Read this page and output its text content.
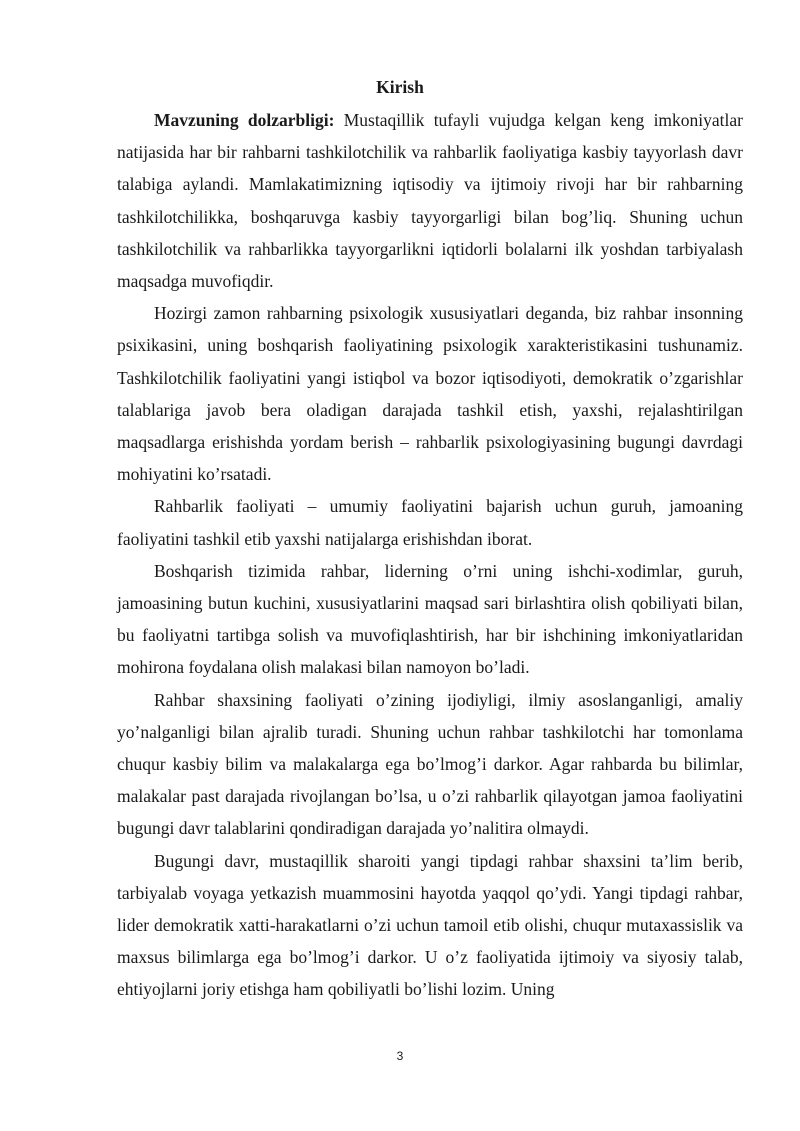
Kirish

Mavzuning dolzarbligi: Mustaqillik tufayli vujudga kelgan keng imkoniyatlar natijasida har bir rahbarni tashkilotchilik va rahbarlik faoliyatiga kasbiy tayyorlash davr talabiga aylandi. Mamlakatimizning iqtisodiy va ijtimoiy rivoji har bir rahbarning tashkilotchilikka, boshqaruvga kasbiy tayyorgarligi bilan bog’liq. Shuning uchun tashkilotchilik va rahbarlikka tayyorgarlikni iqtidorli bolalarni ilk yoshdan tarbiyalash maqsadga muvofiqdir.

Hozirgi zamon rahbarning psixologik xususiyatlari deganda, biz rahbar insonning psixikasini, uning boshqarish faoliyatining psixologik xarakteristikasini tushunamiz. Tashkilotchilik faoliyatini yangi istiqbol va bozor iqtisodiyoti, demokratik o’zgarishlar talablariga javob bera oladigan darajada tashkil etish, yaxshi, rejalashtirilgan maqsadlarga erishishda yordam berish – rahbarlik psixologiyasining bugungi davrdagi mohiyatini ko’rsatadi.

Rahbarlik faoliyati – umumiy faoliyatini bajarish uchun guruh, jamoaning faoliyatini tashkil etib yaxshi natijalarga erishishdan iborat.

Boshqarish tizimida rahbar, liderning o’rni uning ishchi-xodimlar, guruh, jamoasining butun kuchini, xususiyatlarini maqsad sari birlashtira olish qobiliyati bilan, bu faoliyatni tartibga solish va muvofiqlashtirish, har bir ishchining imkoniyatlaridan mohirona foydalana olish malakasi bilan namoyon bo’ladi.

Rahbar shaxsining faoliyati o’zining ijodiyligi, ilmiy asoslanganligi, amaliy yo’nalganligi bilan ajralib turadi. Shuning uchun rahbar tashkilotchi har tomonlama chuqur kasbiy bilim va malakalarga ega bo’lmog’i darkor. Agar rahbarda bu bilimlar, malakalar past darajada rivojlangan bo’lsa, u o’zi rahbarlik qilayotgan jamoa faoliyatini bugungi davr talablarini qondiradigan darajada yo’nalitira olmaydi.

Bugungi davr, mustaqillik sharoiti yangi tipdagi rahbar shaxsini ta’lim berib, tarbiyalab voyaga yetkazish muammosini hayotda yaqqol qo’ydi. Yangi tipdagi rahbar, lider demokratik xatti-harakatlarni o’zi uchun tamoil etib olishi, chuqur mutaxassislik va maxsus bilimlarga ega bo’lmog’i darkor. U o’z faoliyatida ijtimoiy va siyosiy talab, ehtiyojlarni joriy etishga ham qobiliyatli bo’lishi lozim. Uning

3
